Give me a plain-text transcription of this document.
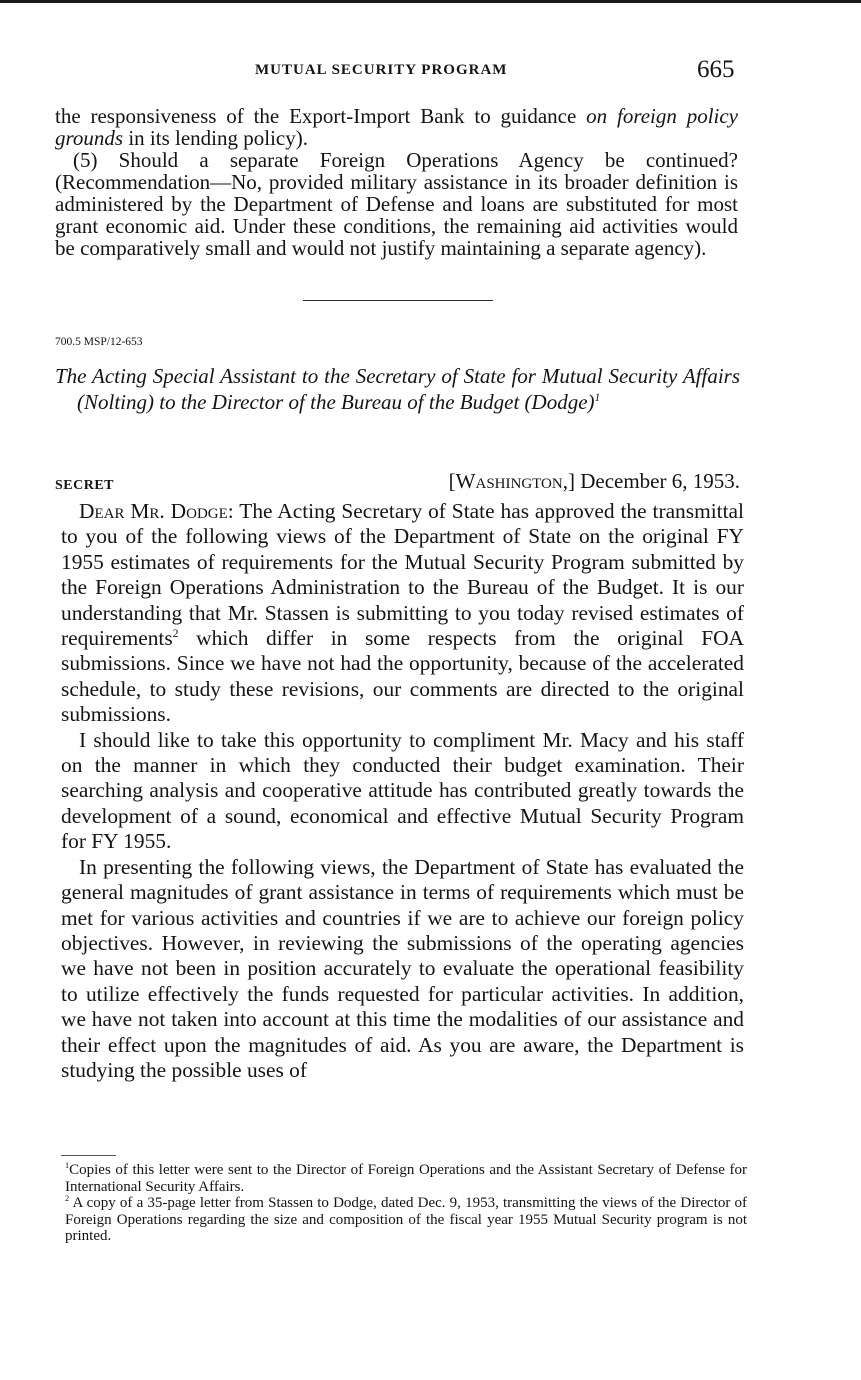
MUTUAL SECURITY PROGRAM	665

the responsiveness of the Export-Import Bank to guidance on foreign policy grounds in its lending policy).

(5) Should a separate Foreign Operations Agency be continued? (Recommendation—No, provided military assistance in its broader definition is administered by the Department of Defense and loans are substituted for most grant economic aid. Under these conditions, the remaining aid activities would be comparatively small and would not justify maintaining a separate agency).

700.5 MSP/12-653
The Acting Special Assistant to the Secretary of State for Mutual Security Affairs (Nolting) to the Director of the Bureau of the Budget (Dodge)$^1$
SECRET	[Washington,] December 6, 1953.

Dear Mr. Dodge: The Acting Secretary of State has approved the transmittal to you of the following views of the Department of State on the original FY 1955 estimates of requirements for the Mutual Security Program submitted by the Foreign Operations Administration to the Bureau of the Budget. It is our understanding that Mr. Stassen is submitting to you today revised estimates of requirements$^2$ which differ in some respects from the original FOA submissions. Since we have not had the opportunity, because of the accelerated schedule, to study these revisions, our comments are directed to the original submissions.

I should like to take this opportunity to compliment Mr. Macy and his staff on the manner in which they conducted their budget examination. Their searching analysis and cooperative attitude has contributed greatly towards the development of a sound, economical and effective Mutual Security Program for FY 1955.

In presenting the following views, the Department of State has evaluated the general magnitudes of grant assistance in terms of requirements which must be met for various activities and countries if we are to achieve our foreign policy objectives. However, in reviewing the submissions of the operating agencies we have not been in position accurately to evaluate the operational feasibility to utilize effectively the funds requested for particular activities. In addition, we have not taken into account at this time the modalities of our assistance and their effect upon the magnitudes of aid. As you are aware, the Department is studying the possible uses of

$^1$Copies of this letter were sent to the Director of Foreign Operations and the Assistant Secretary of Defense for International Security Affairs.

$^2$ A copy of a 35-page letter from Stassen to Dodge, dated Dec. 9, 1953, transmitting the views of the Director of Foreign Operations regarding the size and composition of the fiscal year 1955 Mutual Security program is not printed.
